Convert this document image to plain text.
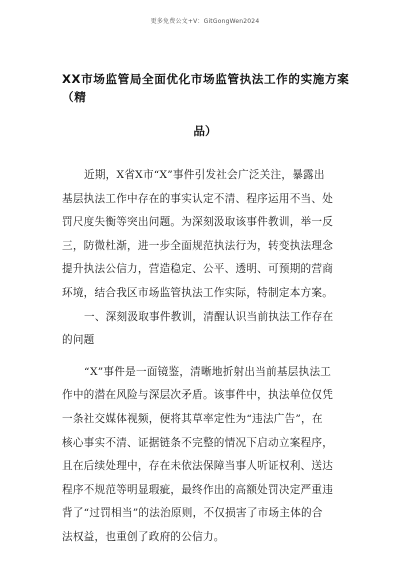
更多免费公文+V：GitGongWen2024
XX市场监管局全面优化市场监管执法工作的实施方案（精
品）
近期，X省X市“X”事件引发社会广泛关注，暴露出
基层执法工作中存在的事实认定不清、程序运用不当、处
罚尺度失衡等突出问题。为深刻汲取该事件教训，举一反
三，防微杜渐，进一步全面规范执法行为，转变执法理念
提升执法公信力，营造稳定、公平、透明、可预期的营商
环境，结合我区市场监管执法工作实际，特制定本方案。
一、深刻汲取事件教训，清醒认识当前执法工作存在
的问题
“X”事件是一面镜鉴，清晰地折射出当前基层执法工
作中的潜在风险与深层次矛盾。该事件中，执法单位仅凭
一条社交媒体视频，便将其草率定性为“违法广告”，在
核心事实不清、证据链条不完整的情况下启动立案程序，
且在后续处理中，存在未依法保障当事人听证权利、送达
程序不规范等明显瑕疵，最终作出的高额处罚决定严重违
背了“过罚相当”的法治原则，不仅损害了市场主体的合
法权益，也重创了政府的公信力。
